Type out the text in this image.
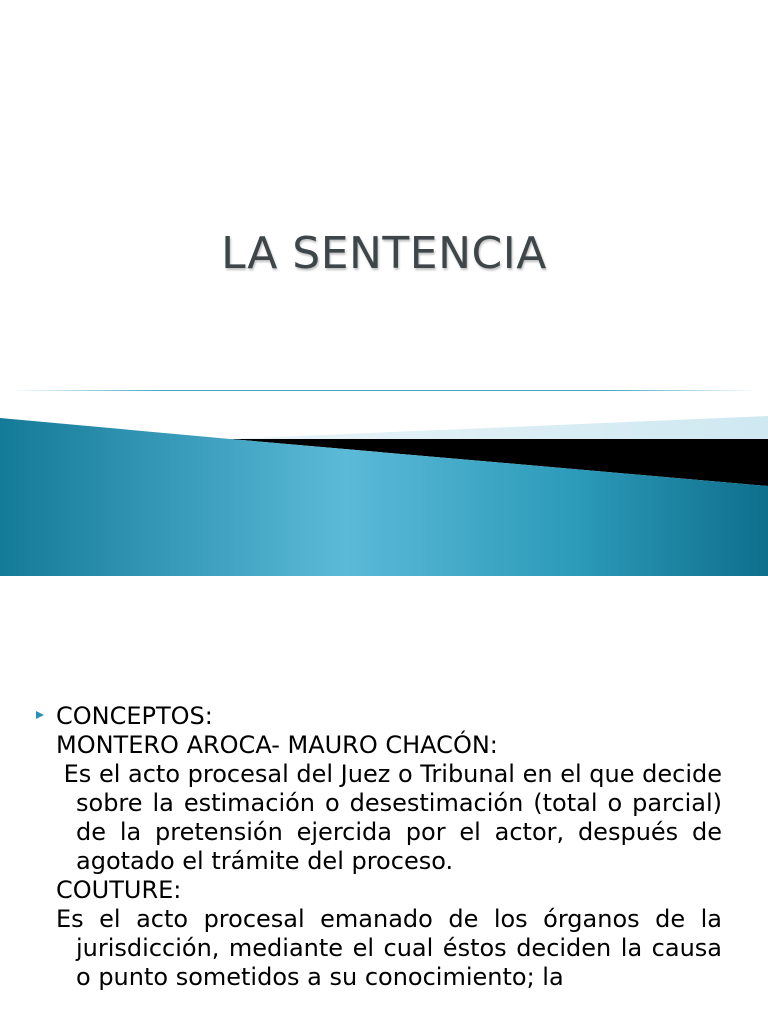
LA SENTENCIA

CONCEPTOS:

MONTERO AROCA- MAURO CHACÓN:

Es el acto procesal del Juez o Tribunal en el que decide sobre la estimación o desestimación (total o parcial) de la pretensión ejercida por el actor, después de agotado el trámite del proceso.

COUTURE:

Es el acto procesal emanado de los órganos de la jurisdicción, mediante el cual éstos deciden la causa o punto sometidos a su conocimiento; la
